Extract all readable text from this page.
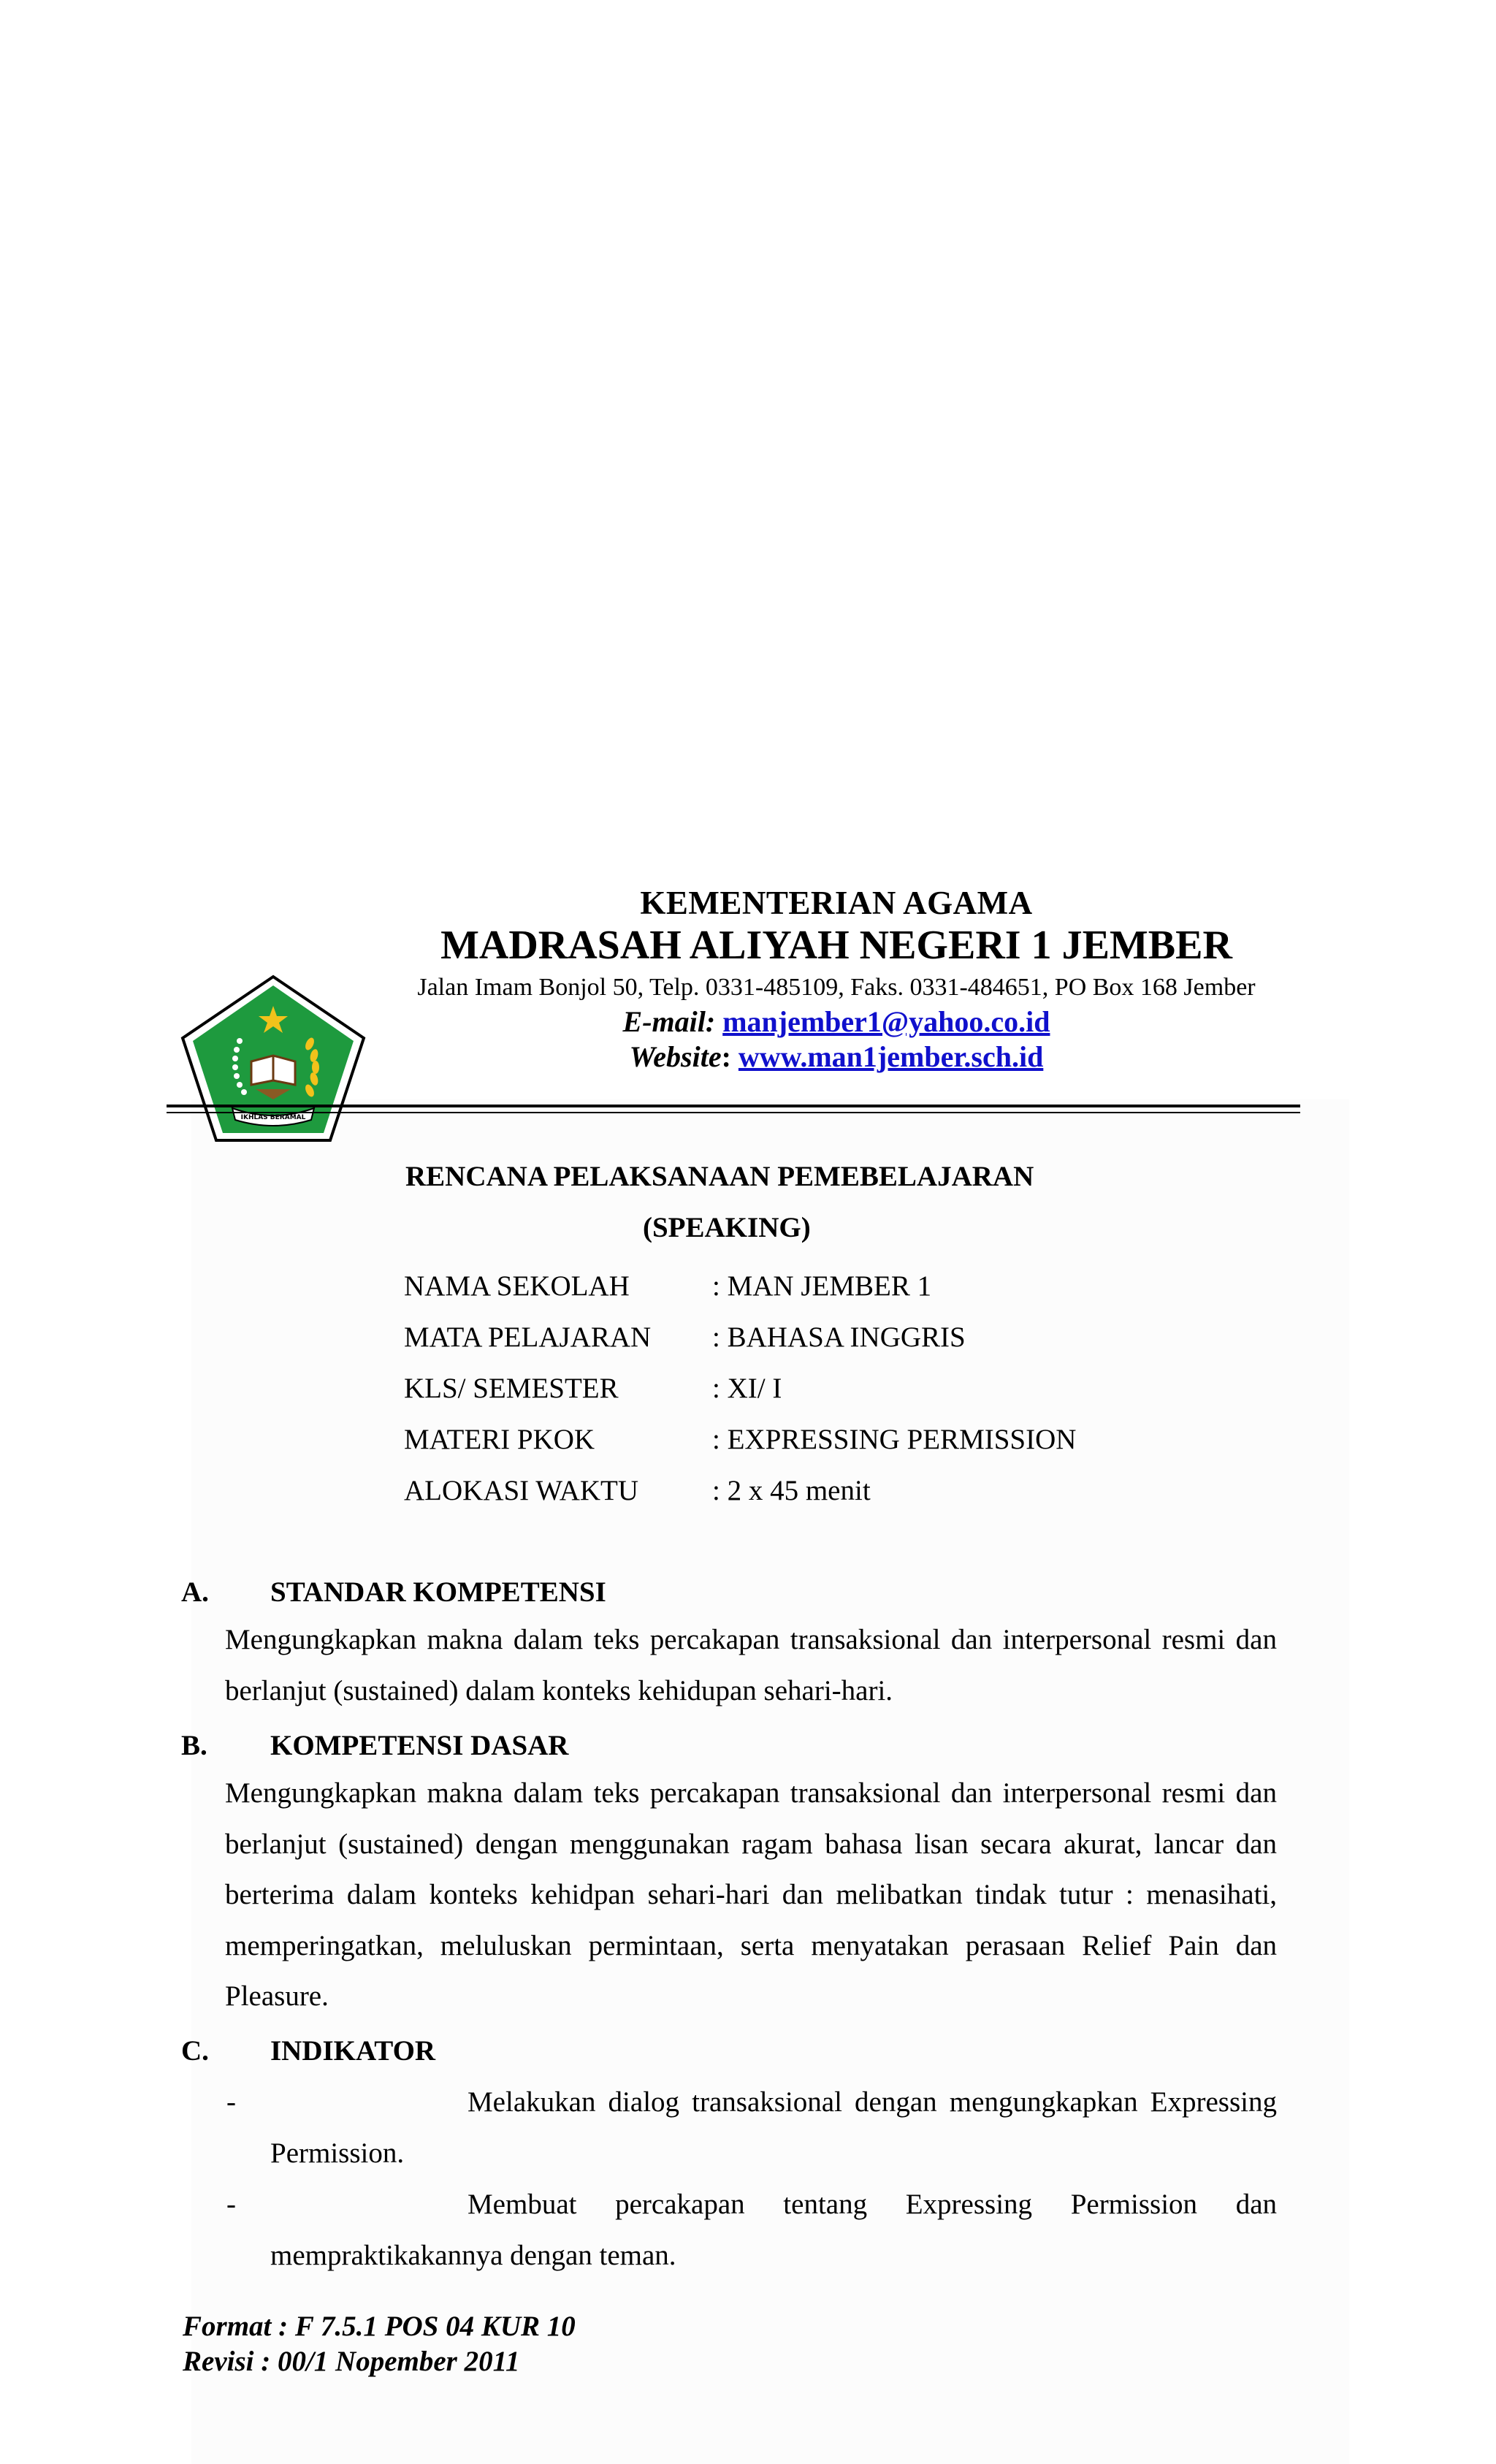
KEMENTERIAN AGAMA
MADRASAH ALIYAH NEGERI 1 JEMBER
Jalan Imam Bonjol 50, Telp. 0331-485109, Faks. 0331-484651, PO Box 168 Jember
E-mail: manjember1@yahoo.co.id
Website: www.man1jember.sch.id
IKHLAS BERAMAL
RENCANA PELAKSANAAN PEMEBELAJARAN
(SPEAKING)
NAMA SEKOLAH	: MAN JEMBER 1
MATA PELAJARAN : BAHASA INGGRIS
KLS/ SEMESTER	: XI/ I
MATERI PKOK	: EXPRESSING PERMISSION
ALOKASI WAKTU	: 2 x 45 menit
A. STANDAR KOMPETENSI
Mengungkapkan makna dalam teks percakapan transaksional dan interpersonal resmi dan berlanjut (sustained) dalam konteks kehidupan sehari-hari.
B. KOMPETENSI DASAR
Mengungkapkan makna dalam teks percakapan transaksional dan interpersonal resmi dan berlanjut (sustained) dengan menggunakan ragam bahasa lisan secara akurat, lancar dan berterima dalam konteks kehidpan sehari-hari dan melibatkan tindak tutur : menasihati, memperingatkan, meluluskan permintaan, serta menyatakan perasaan Relief Pain dan Pleasure.
C. INDIKATOR
-	Melakukan dialog transaksional dengan mengungkapkan Expressing
Permission.
-	Membuat percakapan tentang Expressing Permission dan
mempraktikakannya dengan teman.
Format : F 7.5.1 POS 04 KUR 10
Revisi : 00/1 Nopember 2011
